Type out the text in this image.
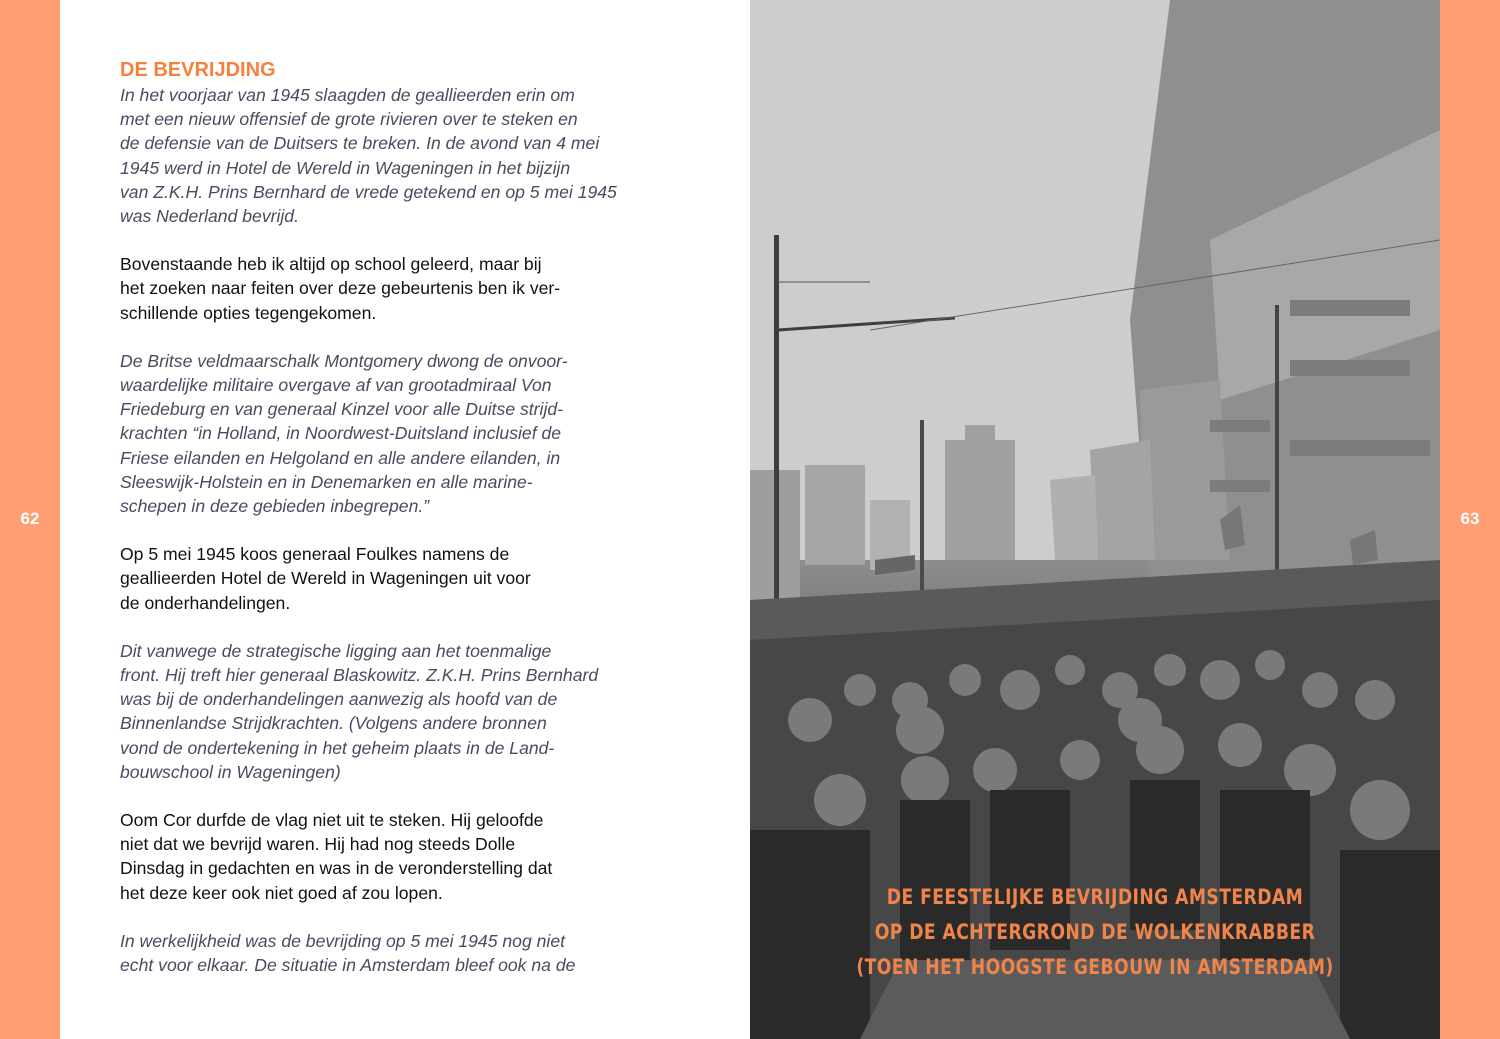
62
DE BEVRIJDING

In het voorjaar van 1945 slaagden de geallieerden erin om
met een nieuw offensief de grote rivieren over te steken en
de defensie van de Duitsers te breken. In de avond van 4 mei
1945 werd in Hotel de Wereld in Wageningen in het bijzijn
van Z.K.H. Prins Bernhard de vrede getekend en op 5 mei 1945
was Nederland bevrijd.

Bovenstaande heb ik altijd op school geleerd, maar bij
het zoeken naar feiten over deze gebeurtenis ben ik ver-
schillende opties tegengekomen.

De Britse veldmaarschalk Montgomery dwong de onvoor-
waardelijke militaire overgave af van grootadmiraal Von
Friedeburg en van generaal Kinzel voor alle Duitse strijd-
krachten “in Holland, in Noordwest-Duitsland inclusief de
Friese eilanden en Helgoland en alle andere eilanden, in
Sleeswijk-Holstein en in Denemarken en alle marine-
schepen in deze gebieden inbegrepen.”

Op 5 mei 1945 koos generaal Foulkes namens de
geallieerden Hotel de Wereld in Wageningen uit voor
de onderhandelingen.

Dit vanwege de strategische ligging aan het toenmalige
front. Hij treft hier generaal Blaskowitz. Z.K.H. Prins Bernhard
was bij de onderhandelingen aanwezig als hoofd van de
Binnenlandse Strijdkrachten. (Volgens andere bronnen
vond de ondertekening in het geheim plaats in de Land-
bouwschool in Wageningen)

Oom Cor durfde de vlag niet uit te steken. Hij geloofde
niet dat we bevrijd waren. Hij had nog steeds Dolle
Dinsdag in gedachten en was in de veronderstelling dat
het deze keer ook niet goed af zou lopen.

In werkelijkheid was de bevrijding op 5 mei 1945 nog niet
echt voor elkaar. De situatie in Amsterdam bleef ook na de

DE FEESTELIJKE BEVRIJDING AMSTERDAM
OP DE ACHTERGROND DE WOLKENKRABBER
(TOEN HET HOOGSTE GEBOUW IN AMSTERDAM)
63
